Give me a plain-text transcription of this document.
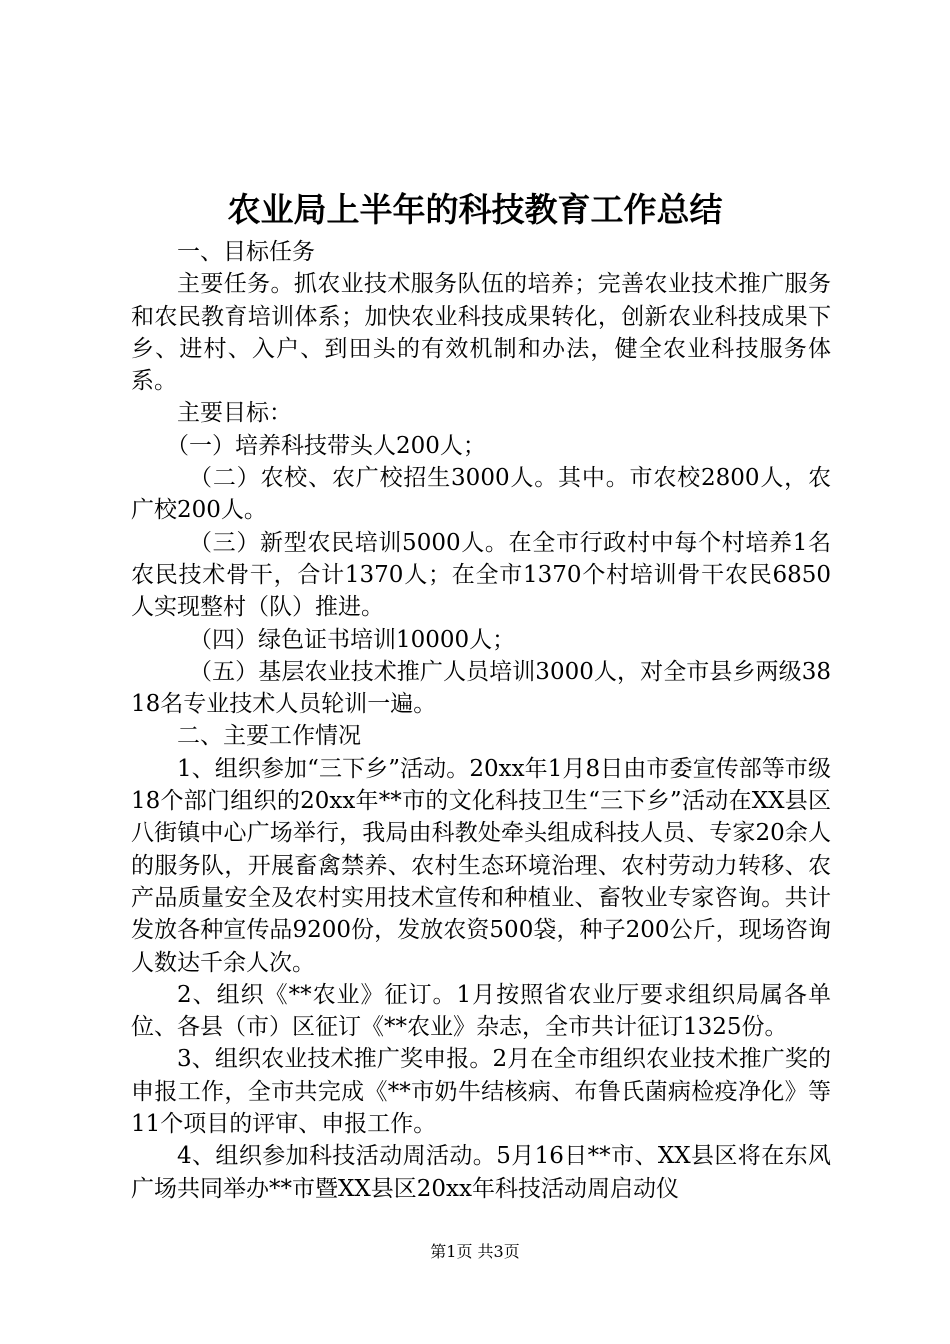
农业局上半年的科技教育工作总结

一、目标任务

主要任务。抓农业技术服务队伍的培养；完善农业技术推广服务和农民教育培训体系；加快农业科技成果转化，创新农业科技成果下乡、进村、入户、到田头的有效机制和办法，健全农业科技服务体系。

主要目标：

（一）培养科技带头人200人；

（二）农校、农广校招生3000人。其中。市农校2800人，农广校200人。

（三）新型农民培训5000人。在全市行政村中每个村培养1名农民技术骨干，合计1370人；在全市1370个村培训骨干农民6850人实现整村（队）推进。

（四）绿色证书培训10000人；

（五）基层农业技术推广人员培训3000人，对全市县乡两级3818名专业技术人员轮训一遍。

二、主要工作情况

1、组织参加“三下乡”活动。20xx年1月8日由市委宣传部等市级18个部门组织的20xx年**市的文化科技卫生“三下乡”活动在XX县区八街镇中心广场举行，我局由科教处牵头组成科技人员、专家20余人的服务队，开展畜禽禁养、农村生态环境治理、农村劳动力转移、农产品质量安全及农村实用技术宣传和种植业、畜牧业专家咨询。共计发放各种宣传品9200份，发放农资500袋，种子200公斤，现场咨询人数达千余人次。

2、组织《**农业》征订。1月按照省农业厅要求组织局属各单位、各县（市）区征订《**农业》杂志，全市共计征订1325份。

3、组织农业技术推广奖申报。2月在全市组织农业技术推广奖的申报工作，全市共完成《**市奶牛结核病、布鲁氏菌病检疫净化》等11个项目的评审、申报工作。

4、组织参加科技活动周活动。5月16日**市、XX县区将在东风广场共同举办**市暨XX县区20xx年科技活动周启动仪

第1页 共3页
